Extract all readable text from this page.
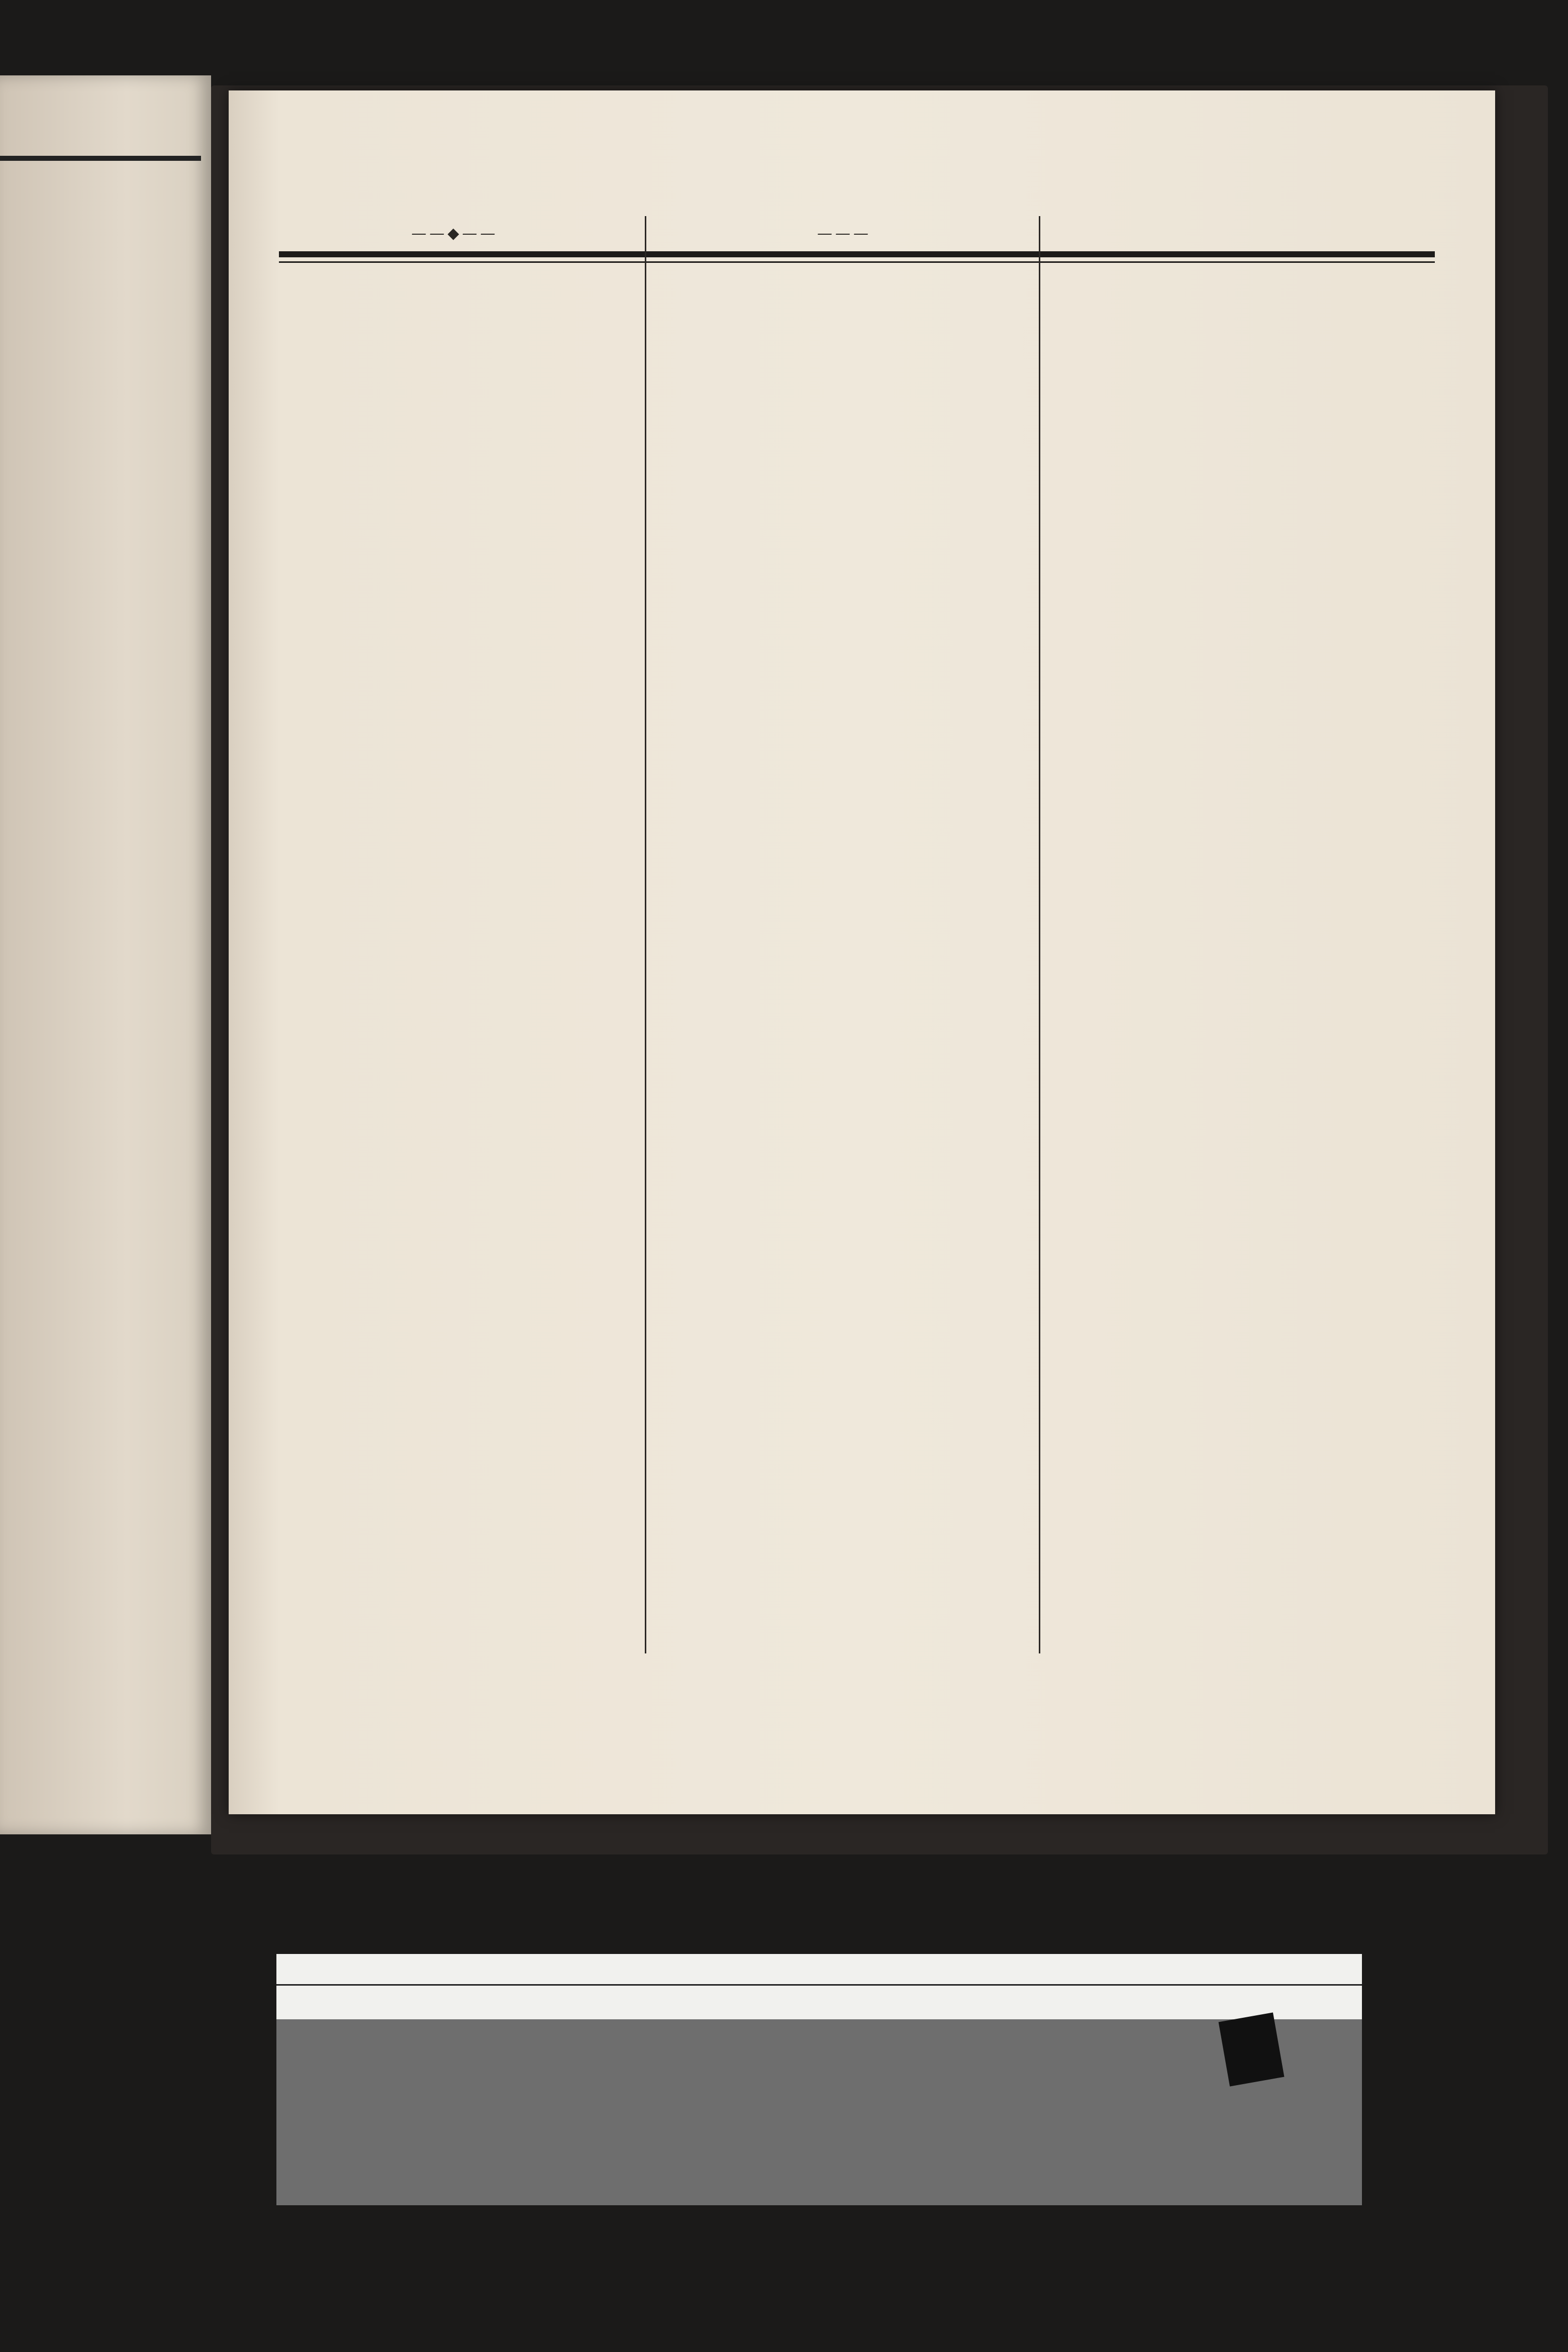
——◆——	———
